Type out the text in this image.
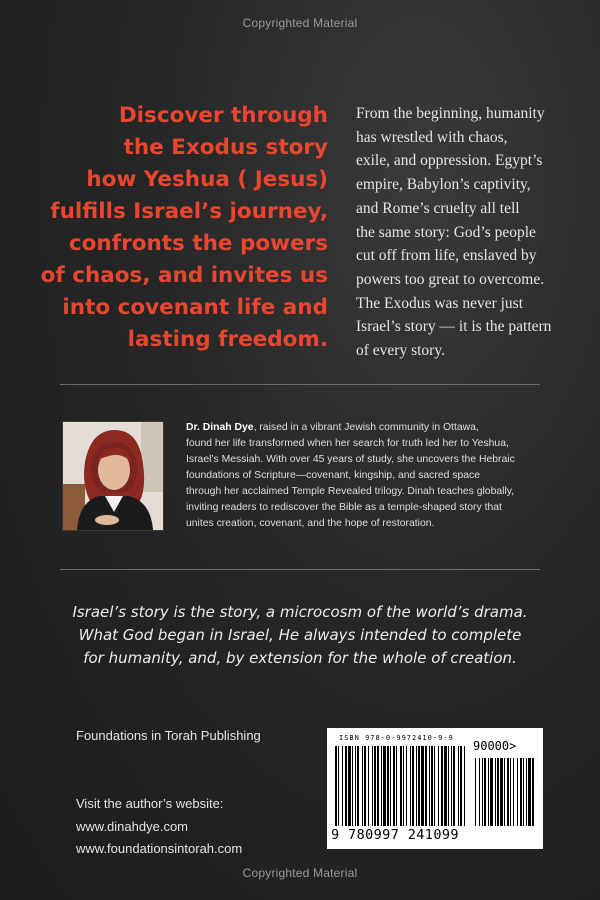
Copyrighted Material
Discover through
the Exodus story
how Yeshua ( Jesus)
fulfills Israel’s journey,
confronts the powers
of chaos, and invites us
into covenant life and
lasting freedom.
From the beginning, humanity
has wrestled with chaos,
exile, and oppression. Egypt’s
empire, Babylon’s captivity,
and Rome’s cruelty all tell
the same story: God’s people
cut off from life, enslaved by
powers too great to overcome.
The Exodus was never just
Israel’s story — it is the pattern
of every story.
Dr. Dinah Dye, raised in a vibrant Jewish community in Ottawa,
found her life transformed when her search for truth led her to Yeshua,
Israel’s Messiah. With over 45 years of study, she uncovers the Hebraic
foundations of Scripture—covenant, kingship, and sacred space
through her acclaimed Temple Revealed trilogy. Dinah teaches globally,
inviting readers to rediscover the Bible as a temple-shaped story that
unites creation, covenant, and the hope of restoration.
Israel’s story is the story, a microcosm of the world’s drama.
What God began in Israel, He always intended to complete
for humanity, and, by extension for the whole of creation.
Foundations in Torah Publishing
Visit the author’s website:
www.dinahdye.com
www.foundationsintorah.com
ISBN 978-0-9972410-9-9
90000>
9 780997 241099
Copyrighted Material
